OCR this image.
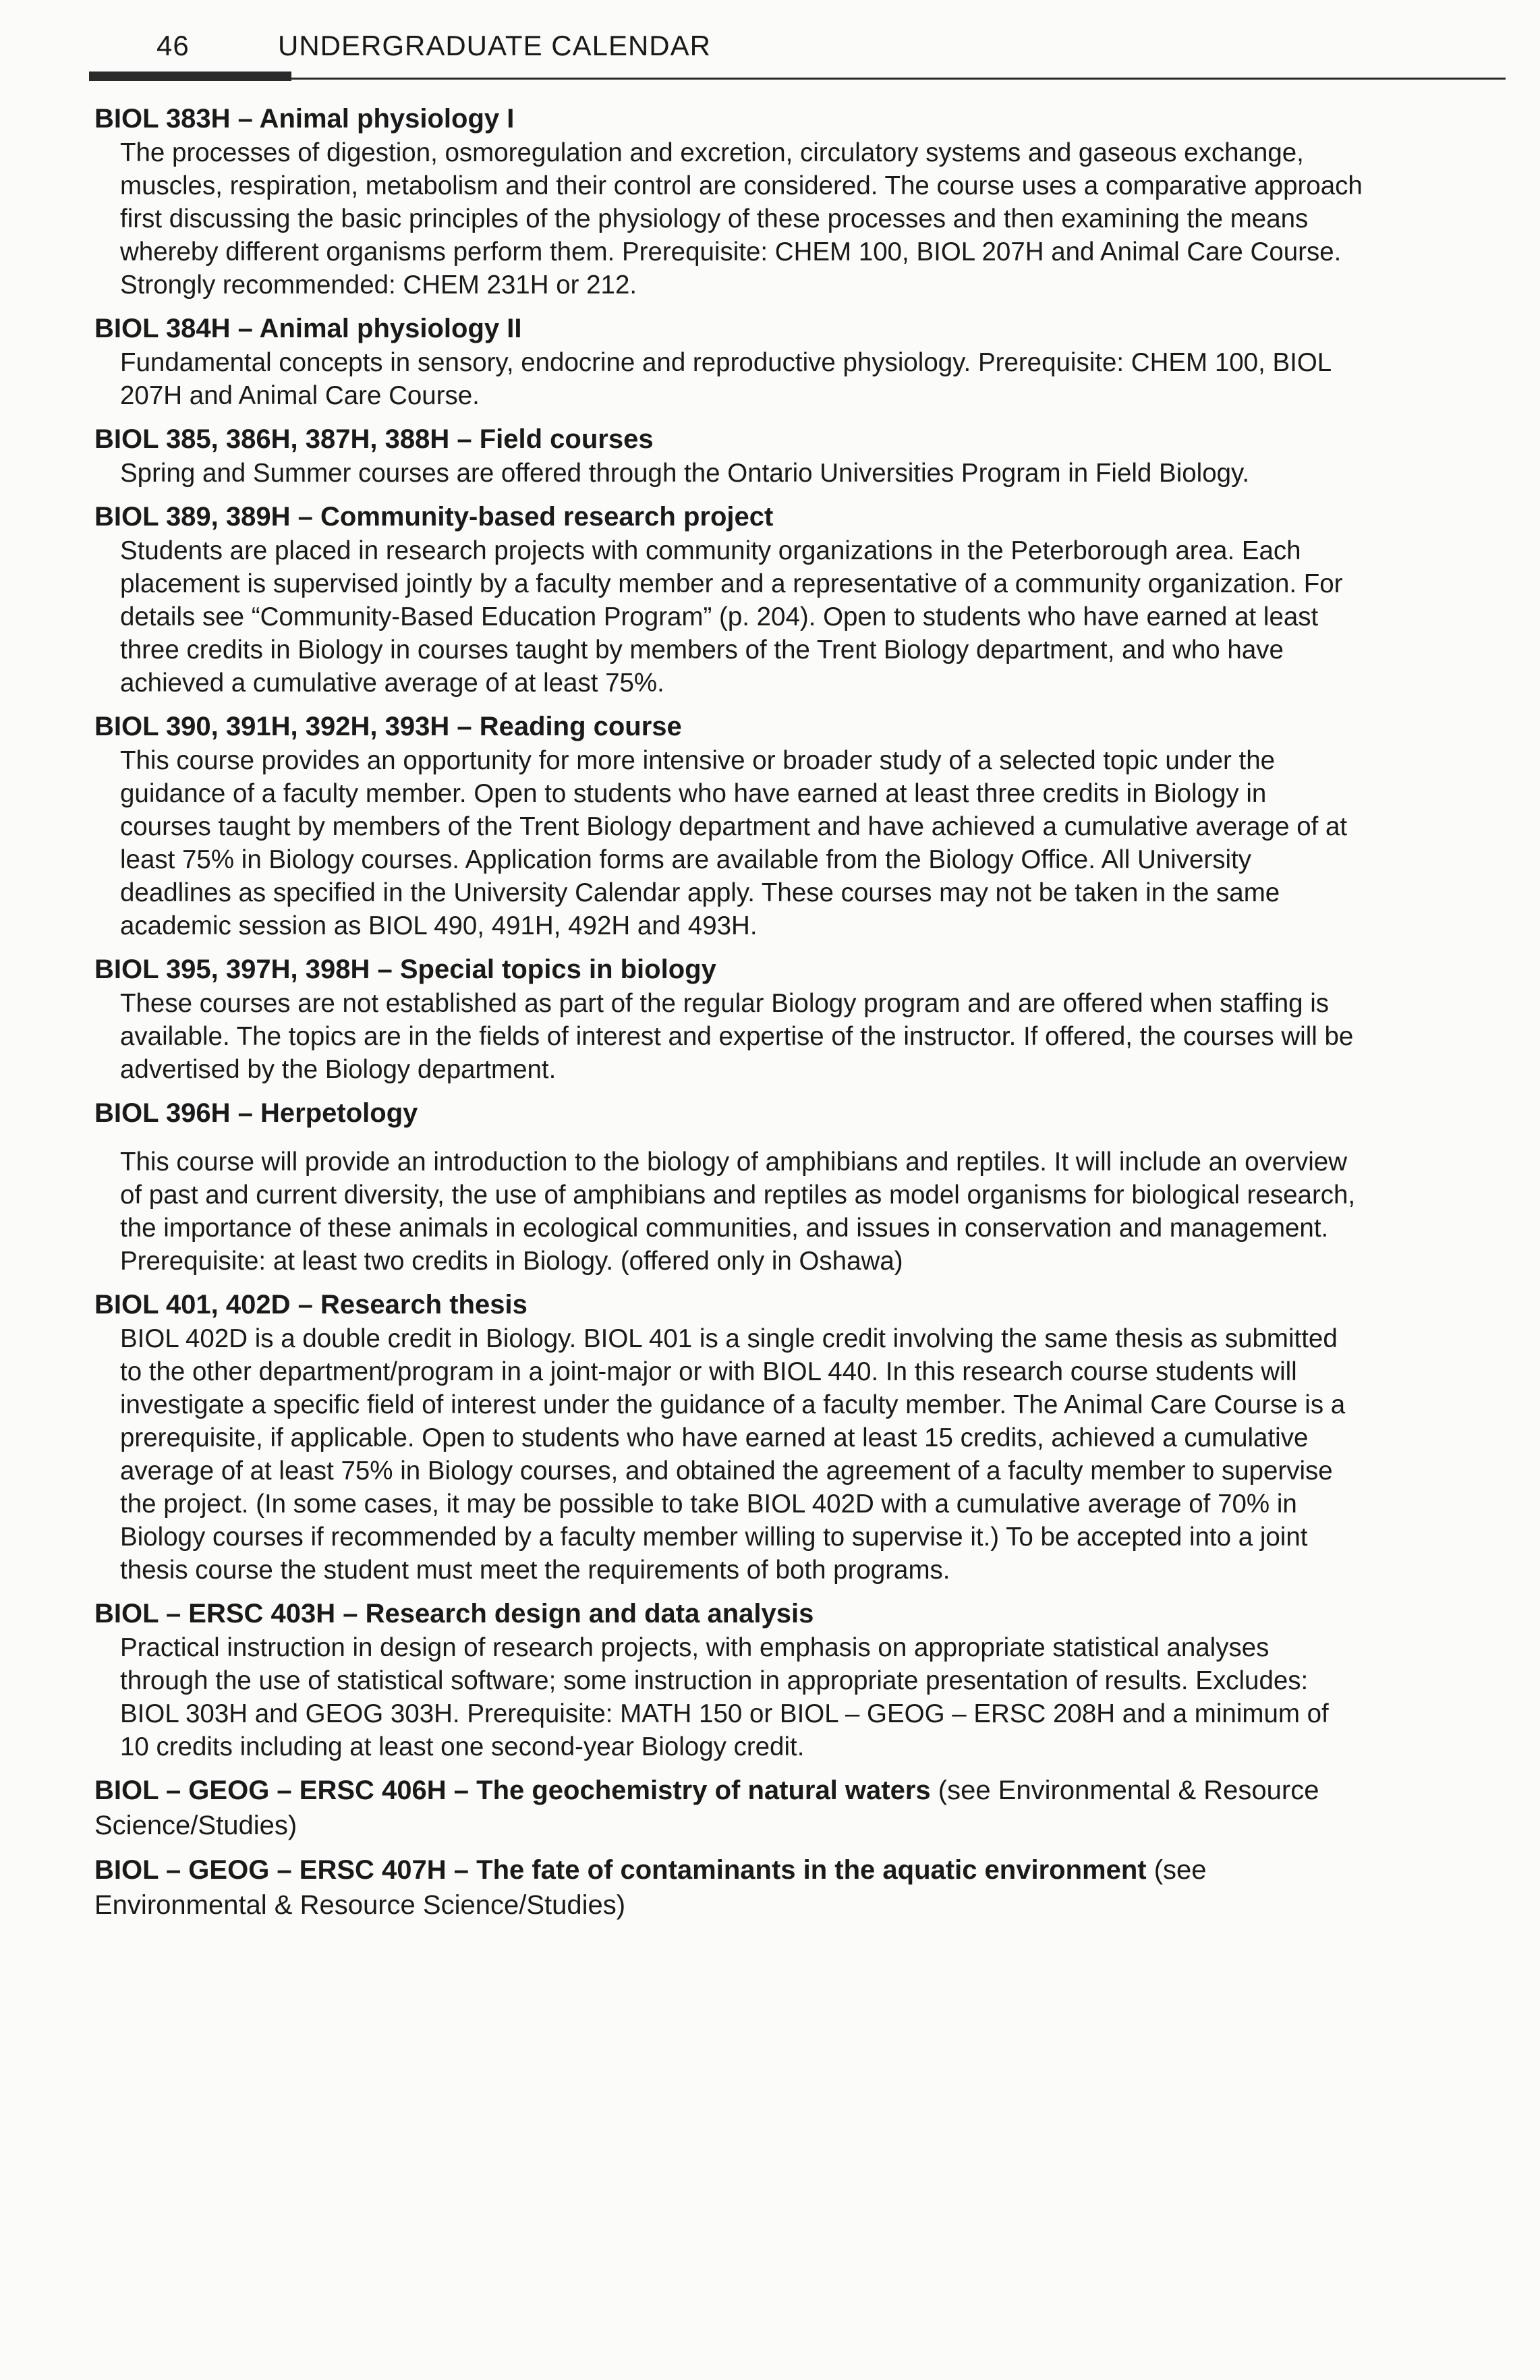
46	UNDERGRADUATE CALENDAR

BIOL 383H – Animal physiology I

The processes of digestion, osmoregulation and excretion, circulatory systems and gaseous exchange, muscles, respiration, metabolism and their control are considered. The course uses a comparative approach first discussing the basic principles of the physiology of these processes and then examining the means whereby different organisms perform them. Prerequisite: CHEM 100, BIOL 207H and Animal Care Course. Strongly recommended: CHEM 231H or 212.

BIOL 384H – Animal physiology II

Fundamental concepts in sensory, endocrine and reproductive physiology. Prerequisite: CHEM 100, BIOL 207H and Animal Care Course.

BIOL 385, 386H, 387H, 388H – Field courses

Spring and Summer courses are offered through the Ontario Universities Program in Field Biology.

BIOL 389, 389H – Community-based research project

Students are placed in research projects with community organizations in the Peterborough area. Each placement is supervised jointly by a faculty member and a representative of a community organization. For details see “Community-Based Education Program” (p. 204). Open to students who have earned at least three credits in Biology in courses taught by members of the Trent Biology department, and who have achieved a cumulative average of at least 75%.

BIOL 390, 391H, 392H, 393H – Reading course

This course provides an opportunity for more intensive or broader study of a selected topic under the guidance of a faculty member. Open to students who have earned at least three credits in Biology in courses taught by members of the Trent Biology department and have achieved a cumulative average of at least 75% in Biology courses. Application forms are available from the Biology Office. All University deadlines as specified in the University Calendar apply. These courses may not be taken in the same academic session as BIOL 490, 491H, 492H and 493H.

BIOL 395, 397H, 398H – Special topics in biology

These courses are not established as part of the regular Biology program and are offered when staffing is available. The topics are in the fields of interest and expertise of the instructor. If offered, the courses will be advertised by the Biology department.

BIOL 396H – Herpetology

This course will provide an introduction to the biology of amphibians and reptiles. It will include an overview of past and current diversity, the use of amphibians and reptiles as model organisms for biological research, the importance of these animals in ecological communities, and issues in conservation and management. Prerequisite: at least two credits in Biology. (offered only in Oshawa)

BIOL 401, 402D – Research thesis

BIOL 402D is a double credit in Biology. BIOL 401 is a single credit involving the same thesis as submitted to the other department/program in a joint-major or with BIOL 440. In this research course students will investigate a specific field of interest under the guidance of a faculty member. The Animal Care Course is a prerequisite, if applicable. Open to students who have earned at least 15 credits, achieved a cumulative average of at least 75% in Biology courses, and obtained the agreement of a faculty member to supervise the project. (In some cases, it may be possible to take BIOL 402D with a cumulative average of 70% in Biology courses if recommended by a faculty member willing to supervise it.) To be accepted into a joint thesis course the student must meet the requirements of both programs.

BIOL – ERSC 403H – Research design and data analysis

Practical instruction in design of research projects, with emphasis on appropriate statistical analyses through the use of statistical software; some instruction in appropriate presentation of results. Excludes: BIOL 303H and GEOG 303H. Prerequisite: MATH 150 or BIOL – GEOG – ERSC 208H and a minimum of 10 credits including at least one second-year Biology credit.

BIOL – GEOG – ERSC 406H – The geochemistry of natural waters (see Environmental & Resource Science/Studies)

BIOL – GEOG – ERSC 407H – The fate of contaminants in the aquatic environment (see Environmental & Resource Science/Studies)
